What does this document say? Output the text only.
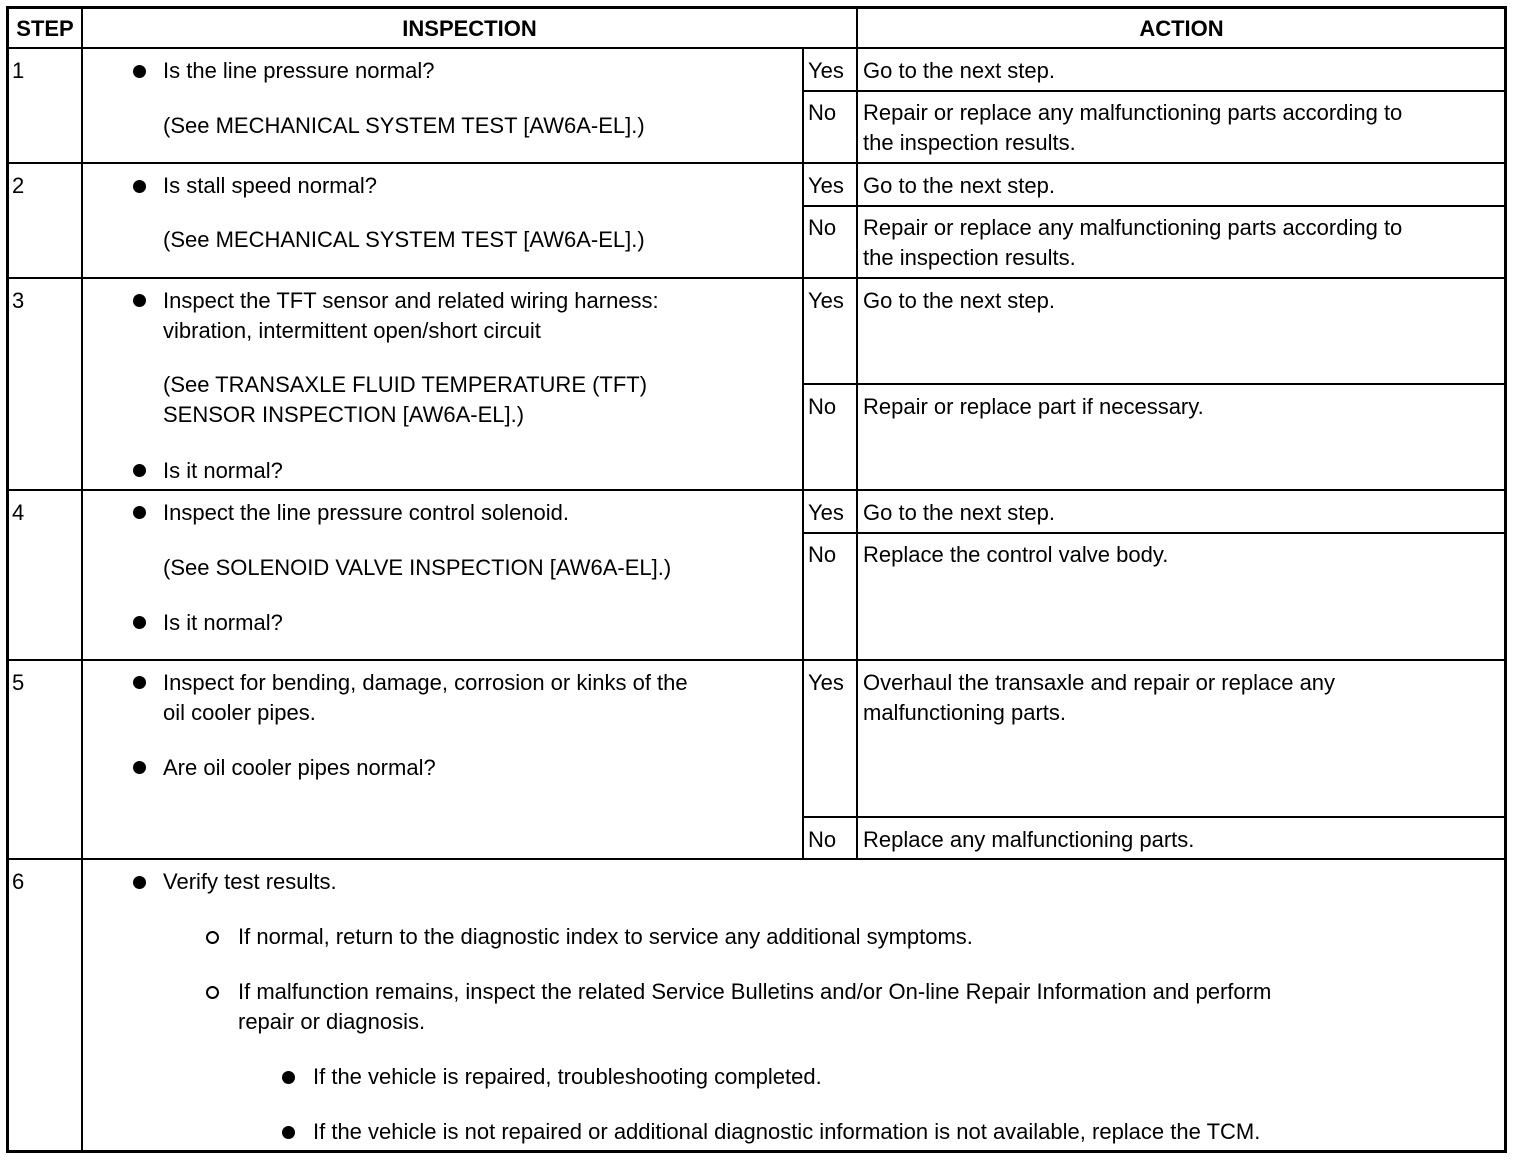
STEP	INSPECTION	ACTION
1	Is the line pressure normal?
(See MECHANICAL SYSTEM TEST [AW6A-EL].)
Yes Go to the next step.
No Repair or replace any malfunctioning parts according to
the inspection results.
2	Is stall speed normal?
(See MECHANICAL SYSTEM TEST [AW6A-EL].)
Yes Go to the next step.
No Repair or replace any malfunctioning parts according to
the inspection results.
3	Inspect the TFT sensor and related wiring harness:
vibration, intermittent open/short circuit
(See TRANSAXLE FLUID TEMPERATURE (TFT)
SENSOR INSPECTION [AW6A-EL].)
Is it normal?
Yes Go to the next step.
No Repair or replace part if necessary.
4	Inspect the line pressure control solenoid.
(See SOLENOID VALVE INSPECTION [AW6A-EL].)
Is it normal?
Yes Go to the next step.
No Replace the control valve body.
5	Inspect for bending, damage, corrosion or kinks of the
oil cooler pipes.
Are oil cooler pipes normal?
Yes Overhaul the transaxle and repair or replace any
malfunctioning parts.
No Replace any malfunctioning parts.
6	Verify test results.
If normal, return to the diagnostic index to service any additional symptoms.
If malfunction remains, inspect the related Service Bulletins and/or On-line Repair Information and perform
repair or diagnosis.
If the vehicle is repaired, troubleshooting completed.
If the vehicle is not repaired or additional diagnostic information is not available, replace the TCM.
